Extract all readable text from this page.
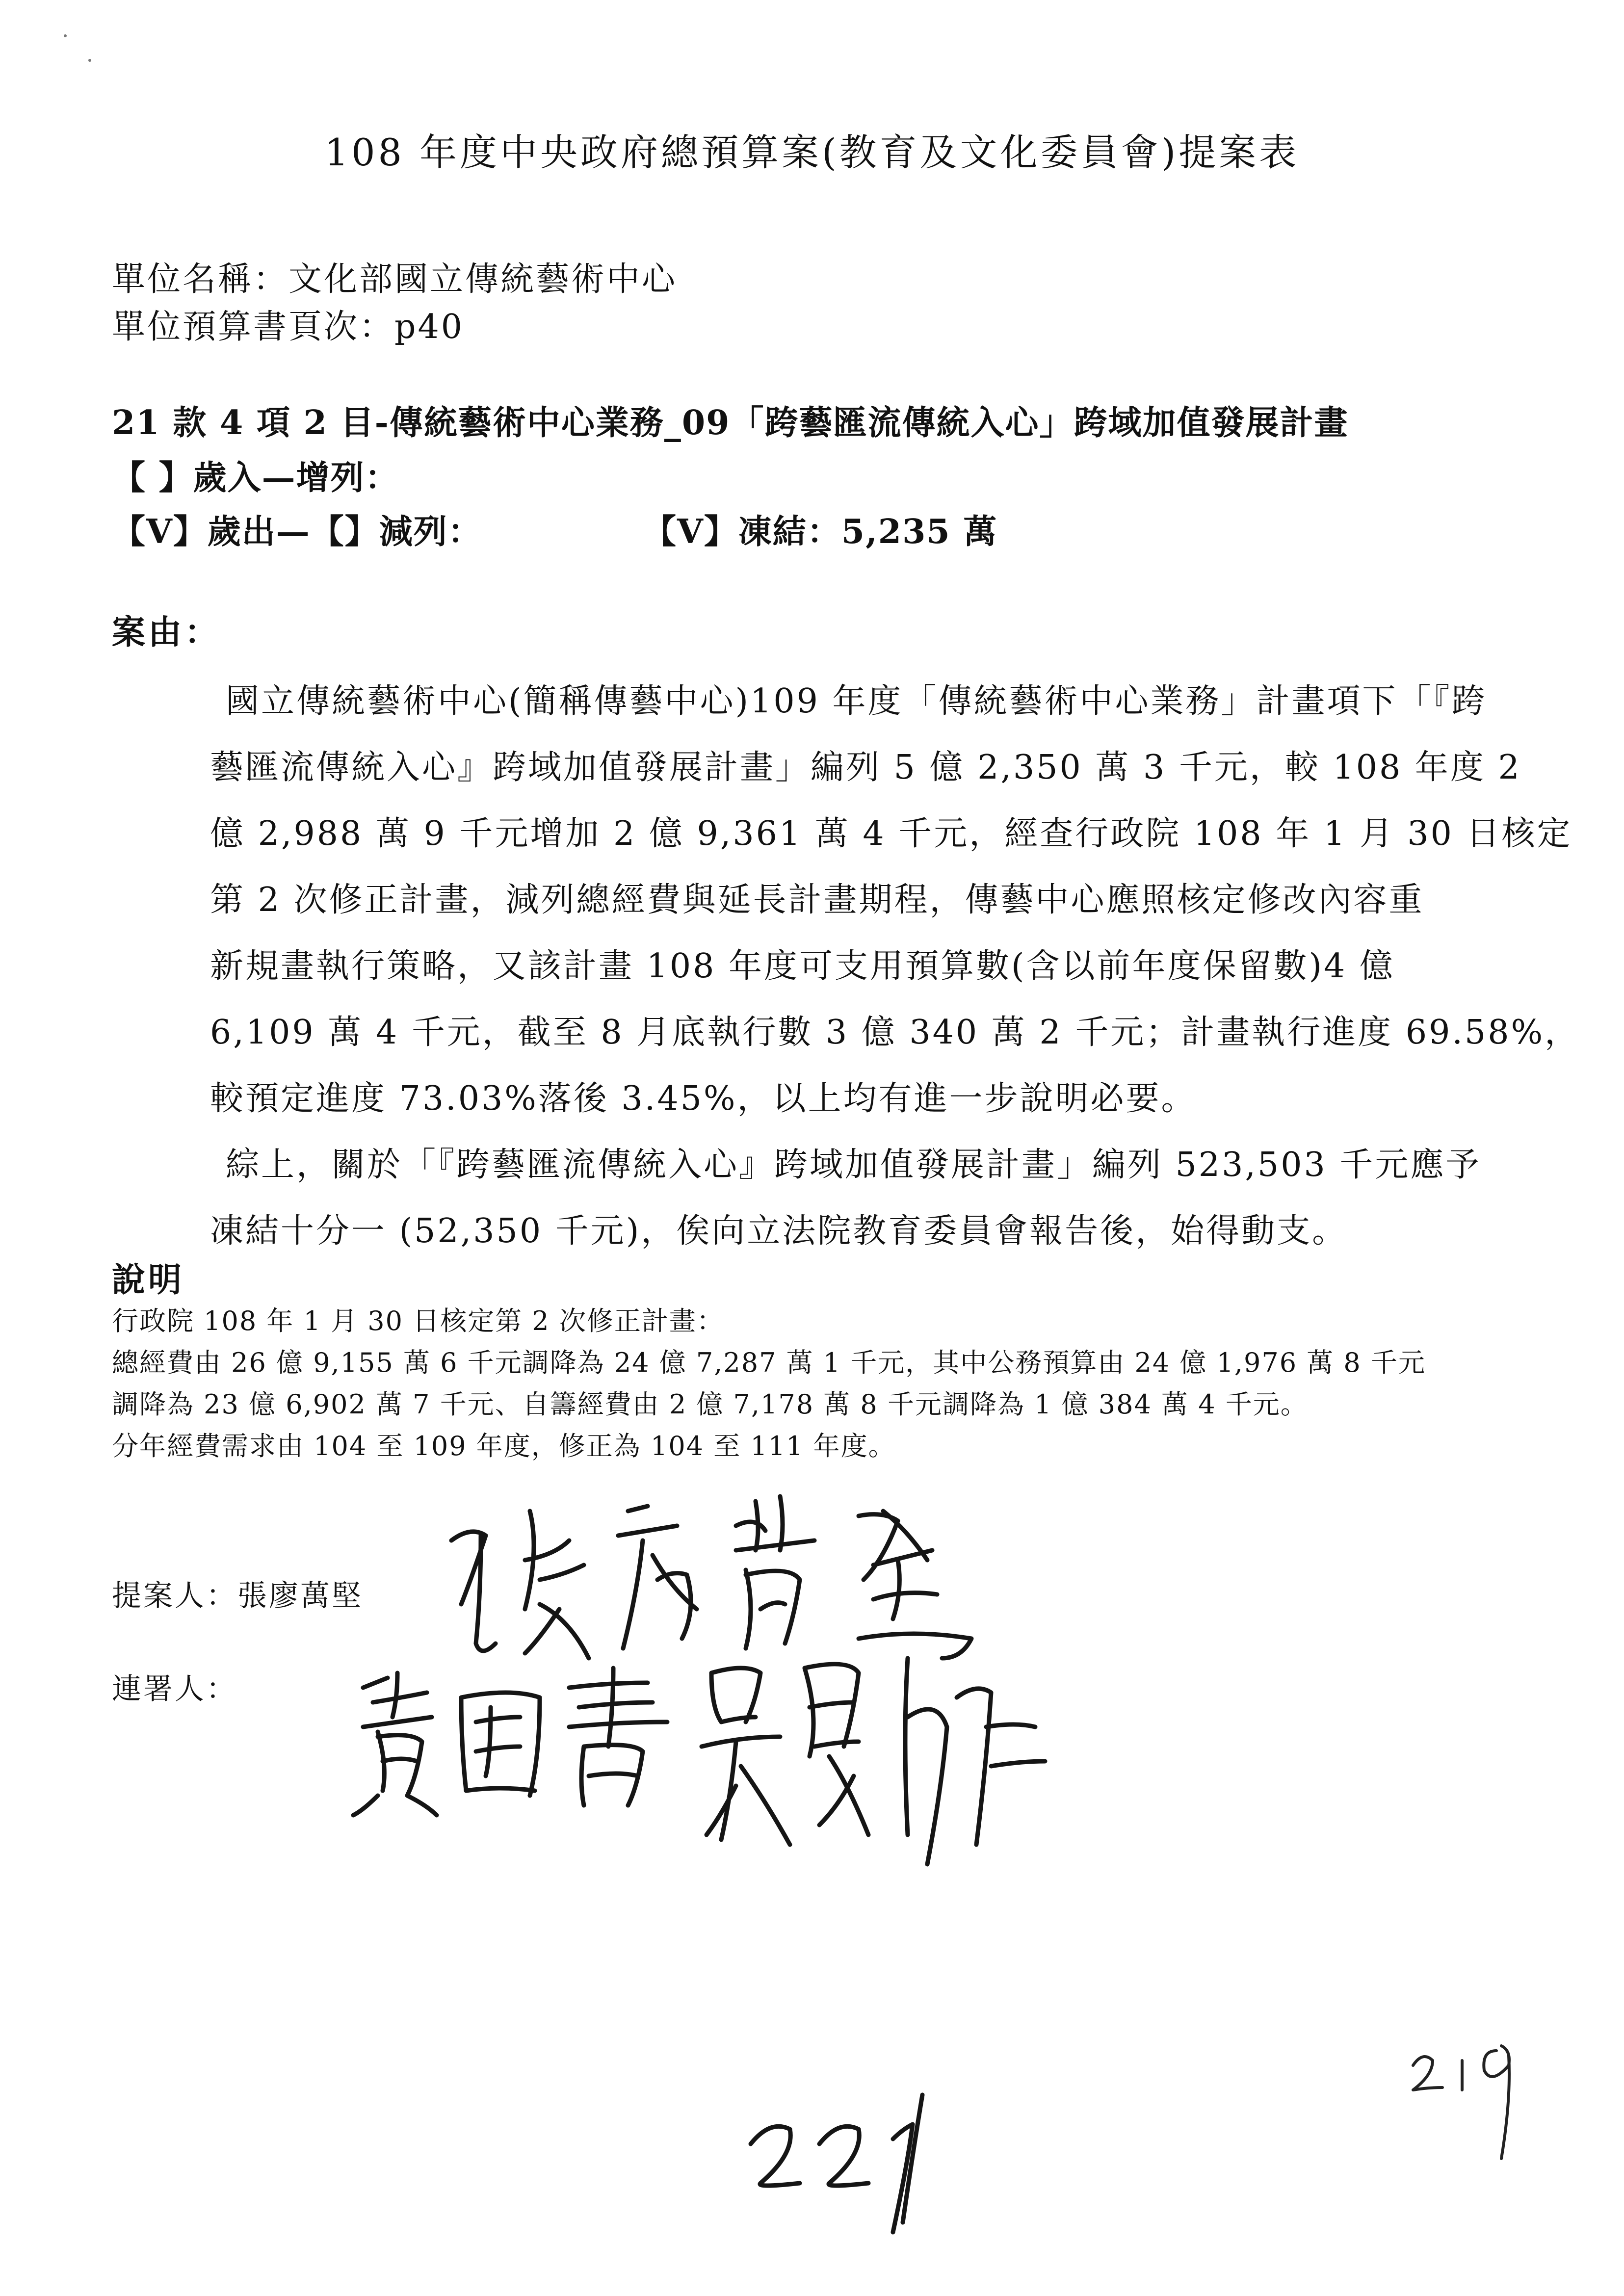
108 年度中央政府總預算案(教育及文化委員會)提案表
單位名稱：文化部國立傳統藝術中心
單位預算書頁次：p40
21 款 4 項 2 目-傳統藝術中心業務_09「跨藝匯流傳統入心」跨域加值發展計畫
【 】歲入—增列：
【V】歲出—【】減列：	【V】凍結：5,235 萬
案由：
國立傳統藝術中心(簡稱傳藝中心)109 年度「傳統藝術中心業務」計畫項下「『跨
藝匯流傳統入心』跨域加值發展計畫」編列 5 億 2,350 萬 3 千元，較 108 年度 2
億 2,988 萬 9 千元增加 2 億 9,361 萬 4 千元，經查行政院 108 年 1 月 30 日核定
第 2 次修正計畫，減列總經費與延長計畫期程，傳藝中心應照核定修改內容重
新規畫執行策略，又該計畫 108 年度可支用預算數(含以前年度保留數)4 億
6,109 萬 4 千元，截至 8 月底執行數 3 億 340 萬 2 千元；計畫執行進度 69.58%，
較預定進度 73.03%落後 3.45%，以上均有進一步說明必要。
綜上，關於「『跨藝匯流傳統入心』跨域加值發展計畫」編列 523,503 千元應予
凍結十分一 (52,350 千元)，俟向立法院教育委員會報告後，始得動支。
說明
行政院 108 年 1 月 30 日核定第 2 次修正計畫：
總經費由 26 億 9,155 萬 6 千元調降為 24 億 7,287 萬 1 千元，其中公務預算由 24 億 1,976 萬 8 千元
調降為 23 億 6,902 萬 7 千元、自籌經費由 2 億 7,178 萬 8 千元調降為 1 億 384 萬 4 千元。
分年經費需求由 104 至 109 年度，修正為 104 至 111 年度。
提案人：張廖萬堅
連署人：
